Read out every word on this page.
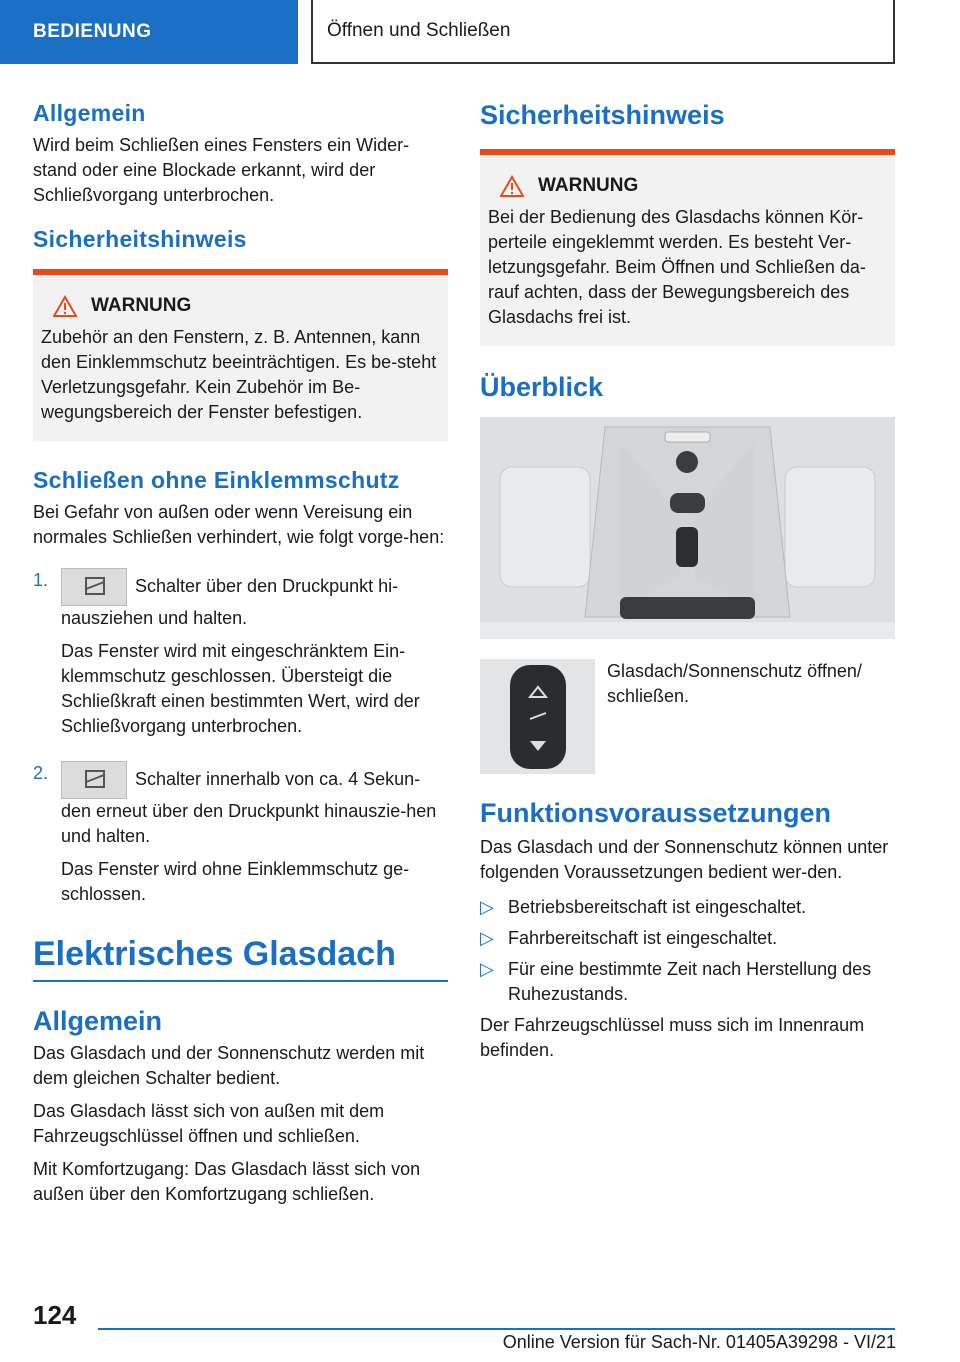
BEDIENUNG	Öffnen und Schließen
Allgemein

Wird beim Schließen eines Fensters ein Wider-stand oder eine Blockade erkannt, wird der Schließvorgang unterbrochen.

Sicherheitshinweis
WARNUNG

Zubehör an den Fenstern, z. B. Antennen, kann den Einklemmschutz beeinträchtigen. Es be-steht Verletzungsgefahr. Kein Zubehör im Be-wegungsbereich der Fenster befestigen.

Schließen ohne Einklemmschutz

Bei Gefahr von außen oder wenn Vereisung ein normales Schließen verhindert, wie folgt vorge-hen:

1.	Schalter über den Druckpunkt hi-nausziehen und halten.

Das Fenster wird mit eingeschränktem Ein-klemmschutz geschlossen. Übersteigt die Schließkraft einen bestimmten Wert, wird der Schließvorgang unterbrochen.

2.	Schalter innerhalb von ca. 4 Sekun-den erneut über den Druckpunkt hinauszie-hen und halten.

Das Fenster wird ohne Einklemmschutz ge-schlossen.

Elektrisches Glasdach
Allgemein

Das Glasdach und der Sonnenschutz werden mit dem gleichen Schalter bedient.

Das Glasdach lässt sich von außen mit dem Fahrzeugschlüssel öffnen und schließen.

Mit Komfortzugang: Das Glasdach lässt sich von außen über den Komfortzugang schließen.

Sicherheitshinweis
WARNUNG

Bei der Bedienung des Glasdachs können Kör-perteile eingeklemmt werden. Es besteht Ver-letzungsgefahr. Beim Öffnen und Schließen da-rauf achten, dass der Bewegungsbereich des Glasdachs frei ist.

Überblick

Glasdach/Sonnenschutz öffnen/ schließen.

Funktionsvoraussetzungen

Das Glasdach und der Sonnenschutz können unter folgenden Voraussetzungen bedient wer-den.

▷ Betriebsbereitschaft ist eingeschaltet.
▷ Fahrbereitschaft ist eingeschaltet.
▷ Für eine bestimmte Zeit nach Herstellung des Ruhezustands.

Der Fahrzeugschlüssel muss sich im Innenraum befinden.

124
Online Version für Sach-Nr. 01405A39298 - VI/21
